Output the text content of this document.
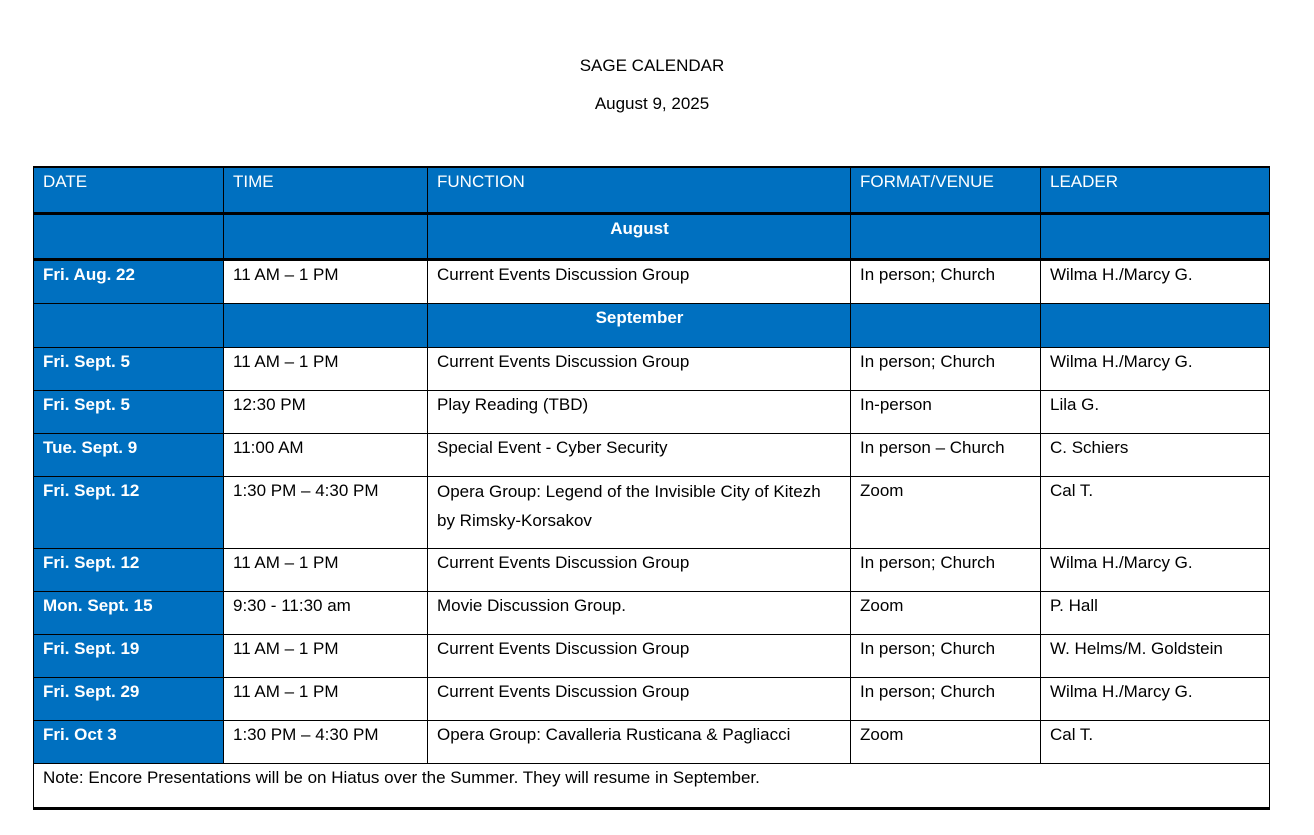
SAGE CALENDAR
August 9, 2025
DATE	TIME	FUNCTION	FORMAT/VENUE	LEADER
		August		
Fri. Aug. 22	11 AM – 1 PM	Current Events Discussion Group	In person; Church	Wilma H./Marcy G.
		September		
Fri. Sept. 5	11 AM – 1 PM	Current Events Discussion Group	In person; Church	Wilma H./Marcy G.
Fri. Sept. 5	12:30 PM	Play Reading (TBD)	In-person	Lila G.
Tue. Sept. 9	11:00 AM	Special Event - Cyber Security	In person – Church	C. Schiers
Fri. Sept. 12	1:30 PM – 4:30 PM	Opera Group: Legend of the Invisible City of Kitezh by Rimsky-Korsakov	Zoom	Cal T.
Fri. Sept. 12	11 AM – 1 PM	Current Events Discussion Group	In person; Church	Wilma H./Marcy G.
Mon. Sept. 15	9:30 - 11:30 am	Movie Discussion Group.	Zoom	P. Hall
Fri. Sept. 19	11 AM – 1 PM	Current Events Discussion Group	In person; Church	W. Helms/M. Goldstein
Fri. Sept. 29	11 AM – 1 PM	Current Events Discussion Group	In person; Church	Wilma H./Marcy G.
Fri. Oct 3	1:30 PM – 4:30 PM	Opera Group: Cavalleria Rusticana & Pagliacci	Zoom	Cal T.
Note: Encore Presentations will be on Hiatus over the Summer. They will resume in September.				
